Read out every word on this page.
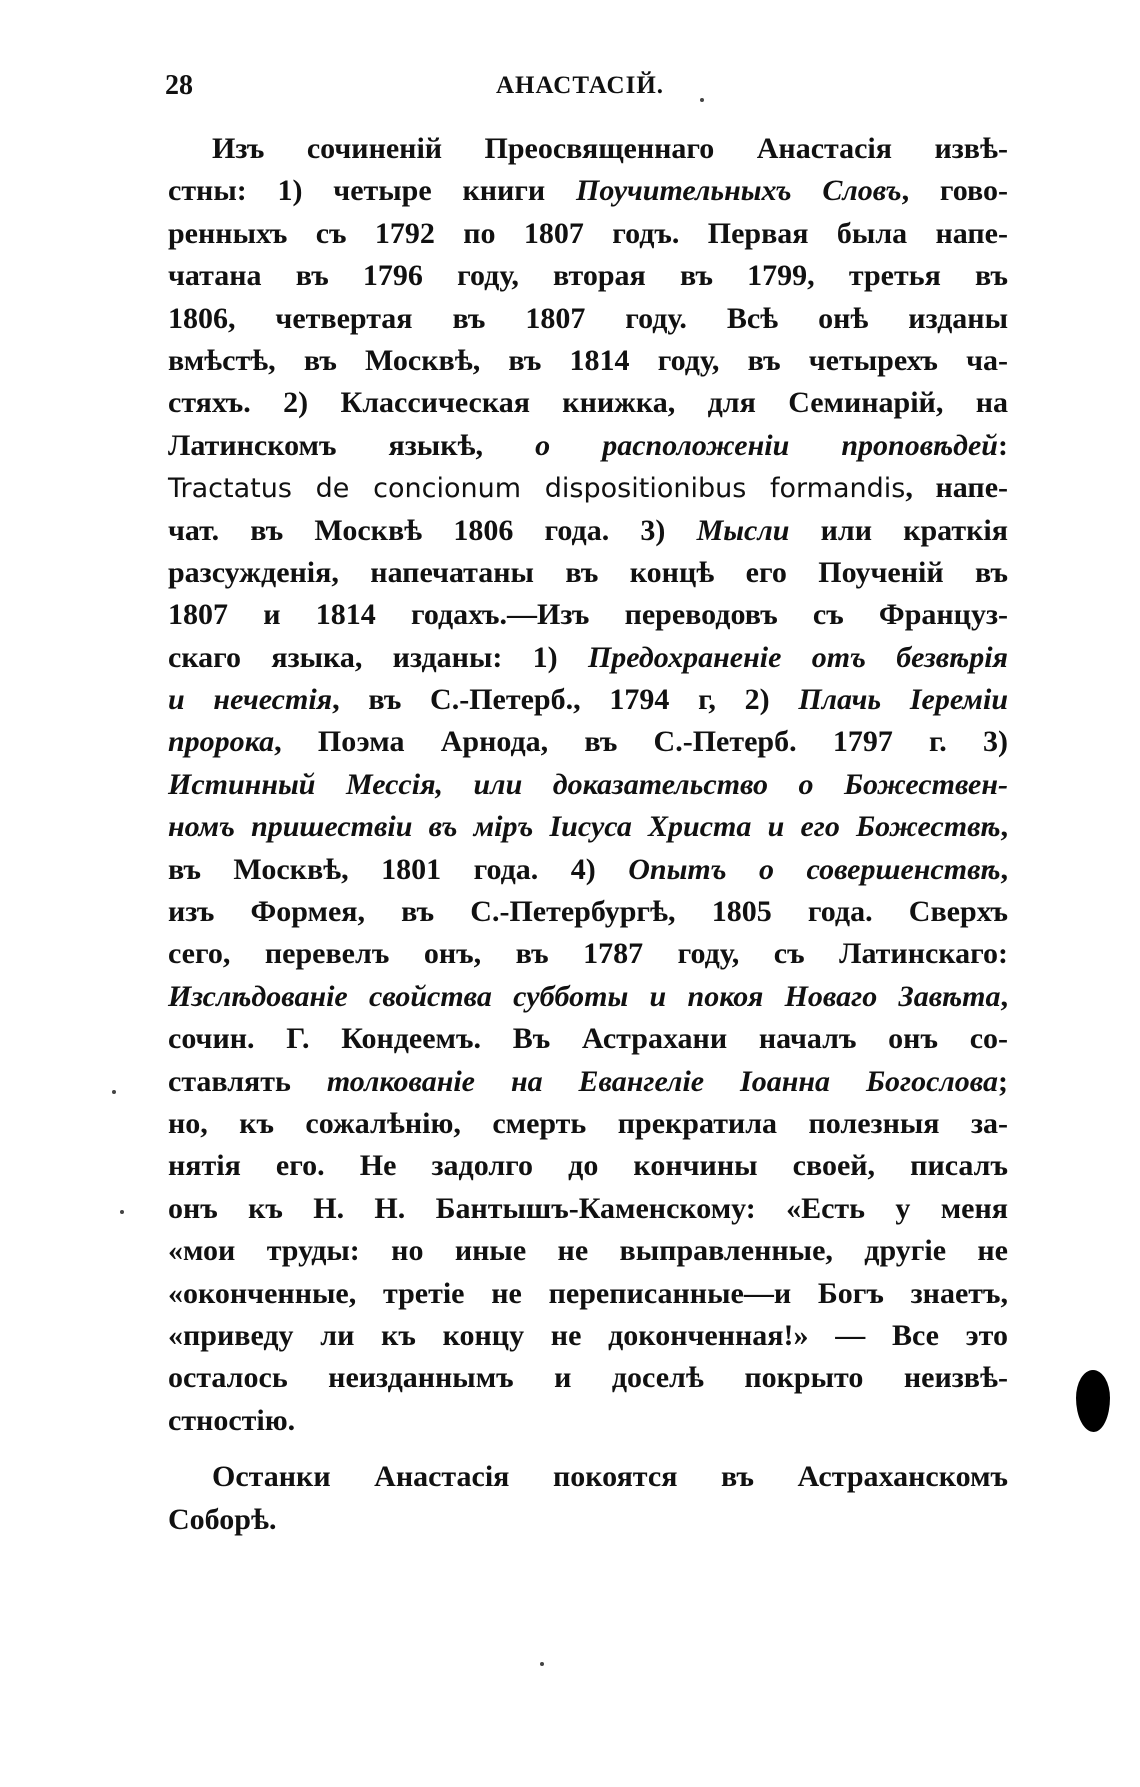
28	АНАСТАСІЙ.
Изъ сочиненій Преосвященнаго Анастасія извѣ-
стны: 1) четыре книги Поучительныхъ Словъ, гово-
ренныхъ съ 1792 по 1807 годъ. Первая была напе-
чатана въ 1796 году, вторая въ 1799, третья въ
1806, четвертая въ 1807 году. Всѣ онѣ изданы
вмѣстѣ, въ Москвѣ, въ 1814 году, въ четырехъ ча-
стяхъ. 2) Классическая книжка, для Семинарій, на
Латинскомъ языкѣ, о расположеніи проповѣдей:
Tractatus de concionum dispositionibus formandis, напе-
чат. въ Москвѣ 1806 года. 3) Мысли или краткія
разсужденія, напечатаны въ концѣ его Поученій въ
1807 и 1814 годахъ.—Изъ переводовъ съ Француз-
скаго языка, изданы: 1) Предохраненіе отъ безвѣрія
и нечестія, въ С.-Петерб., 1794 г, 2) Плачь Іереміи
пророка, Поэма Арнода, въ С.-Петерб. 1797 г. 3)
Истинный Мессія, или доказательство о Божествен-
номъ пришествіи въ міръ Іисуса Христа и его Божествѣ,
въ Москвѣ, 1801 года. 4) Опытъ о совершенствѣ,
изъ Формея, въ С.-Петербургѣ, 1805 года. Сверхъ
сего, перевелъ онъ, въ 1787 году, съ Латинскаго:
Изслѣдованіе свойства субботы и покоя Новаго Завѣта,
сочин. Г. Кондеемъ. Въ Астрахани началъ онъ со-
ставлять толкованіе на Евангеліе Іоанна Богослова;
но, къ сожалѣнію, смерть прекратила полезныя за-
нятія его. Не задолго до кончины своей, писалъ
онъ къ Н. Н. Бантышъ-Каменскому: «Есть у меня
«мои труды: но иные не выправленные, другіе не
«оконченные, третіе не переписанные—и Богъ знаетъ,
«приведу ли къ концу не доконченная!» — Все это
осталось неизданнымъ и доселѣ покрыто неизвѣ-
стностію.
Останки Анастасія покоятся въ Астраханскомъ
Соборѣ.
